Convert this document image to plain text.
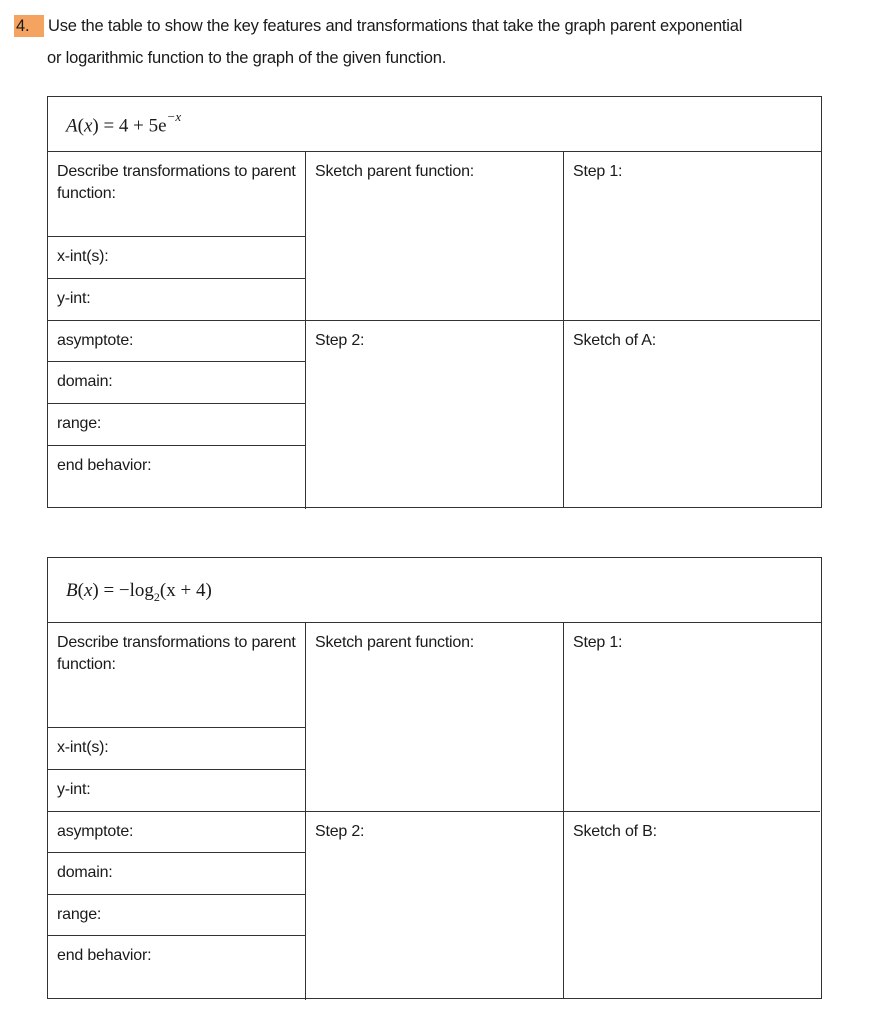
4. Use the table to show the key features and transformations that take the graph parent exponential
or logarithmic function to the graph of the given function.
$A(x) = 4 + 5e^{-x}$
Describe transformations to parent function:
x-int(s):
y-int:
asymptote:
domain:
range:
end behavior:
Sketch parent function:	Step 1:
Step 2:	Sketch of A:
$B(x) = -\log_2(x + 4)$
Describe transformations to parent function:
x-int(s):
y-int:
asymptote:
domain:
range:
end behavior:
Sketch parent function:	Step 1:
Step 2:	Sketch of B:
